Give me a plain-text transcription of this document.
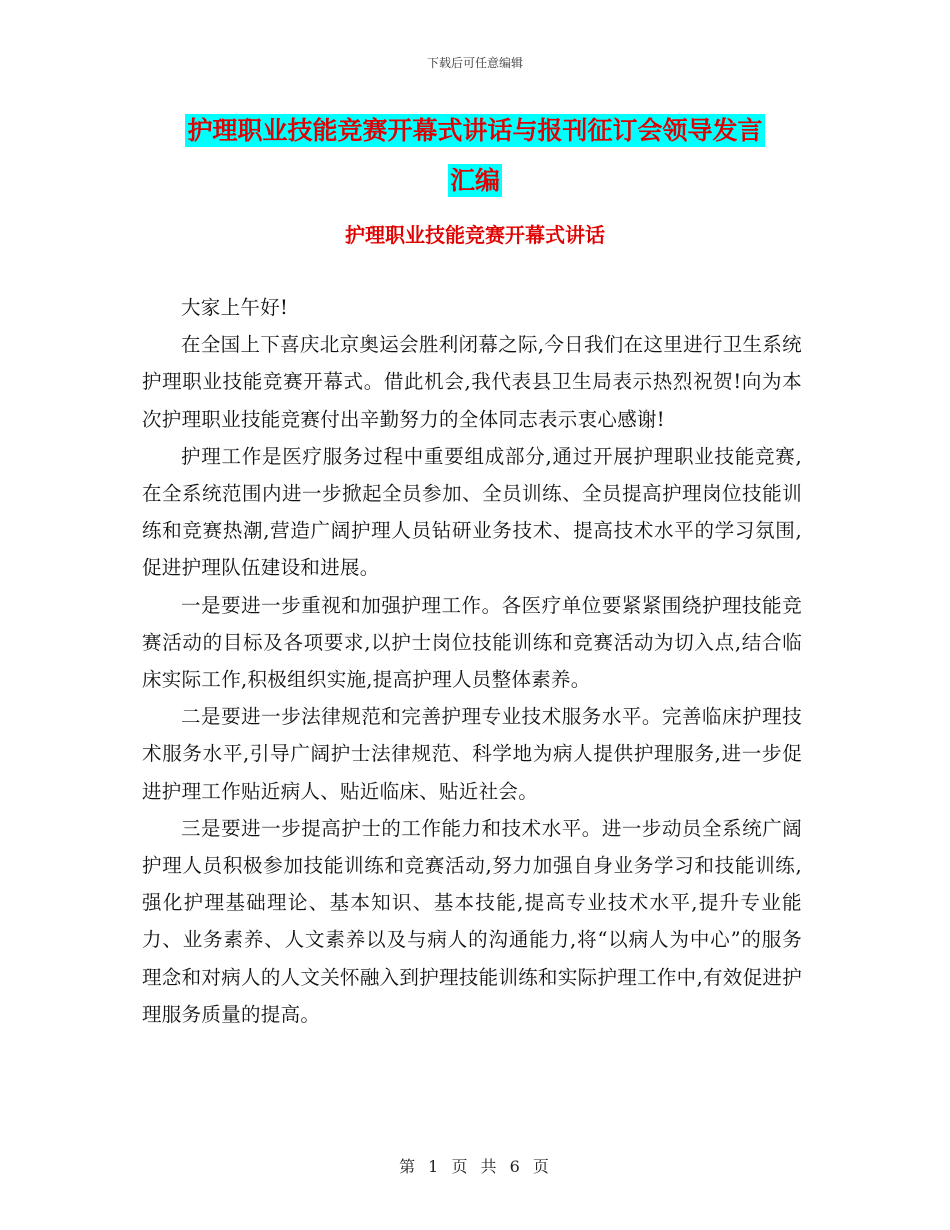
下载后可任意编辑
护理职业技能竞赛开幕式讲话与报刊征订会领导发言
汇编
护理职业技能竞赛开幕式讲话

大家上午好!

在全国上下喜庆北京奥运会胜利闭幕之际,今日我们在这里进行卫生系统护理职业技能竞赛开幕式。借此机会,我代表县卫生局表示热烈祝贺!向为本次护理职业技能竞赛付出辛勤努力的全体同志表示衷心感谢!

护理工作是医疗服务过程中重要组成部分,通过开展护理职业技能竞赛,在全系统范围内进一步掀起全员参加、全员训练、全员提高护理岗位技能训练和竞赛热潮,营造广阔护理人员钻研业务技术、提高技术水平的学习氛围,促进护理队伍建设和进展。

一是要进一步重视和加强护理工作。各医疗单位要紧紧围绕护理技能竞赛活动的目标及各项要求,以护士岗位技能训练和竞赛活动为切入点,结合临床实际工作,积极组织实施,提高护理人员整体素养。

二是要进一步法律规范和完善护理专业技术服务水平。完善临床护理技术服务水平,引导广阔护士法律规范、科学地为病人提供护理服务,进一步促进护理工作贴近病人、贴近临床、贴近社会。

三是要进一步提高护士的工作能力和技术水平。进一步动员全系统广阔护理人员积极参加技能训练和竞赛活动,努力加强自身业务学习和技能训练,强化护理基础理论、基本知识、基本技能,提高专业技术水平,提升专业能力、业务素养、人文素养以及与病人的沟通能力,将“以病人为中心”的服务理念和对病人的人文关怀融入到护理技能训练和实际护理工作中,有效促进护理服务质量的提高。

第 1 页 共 6 页
